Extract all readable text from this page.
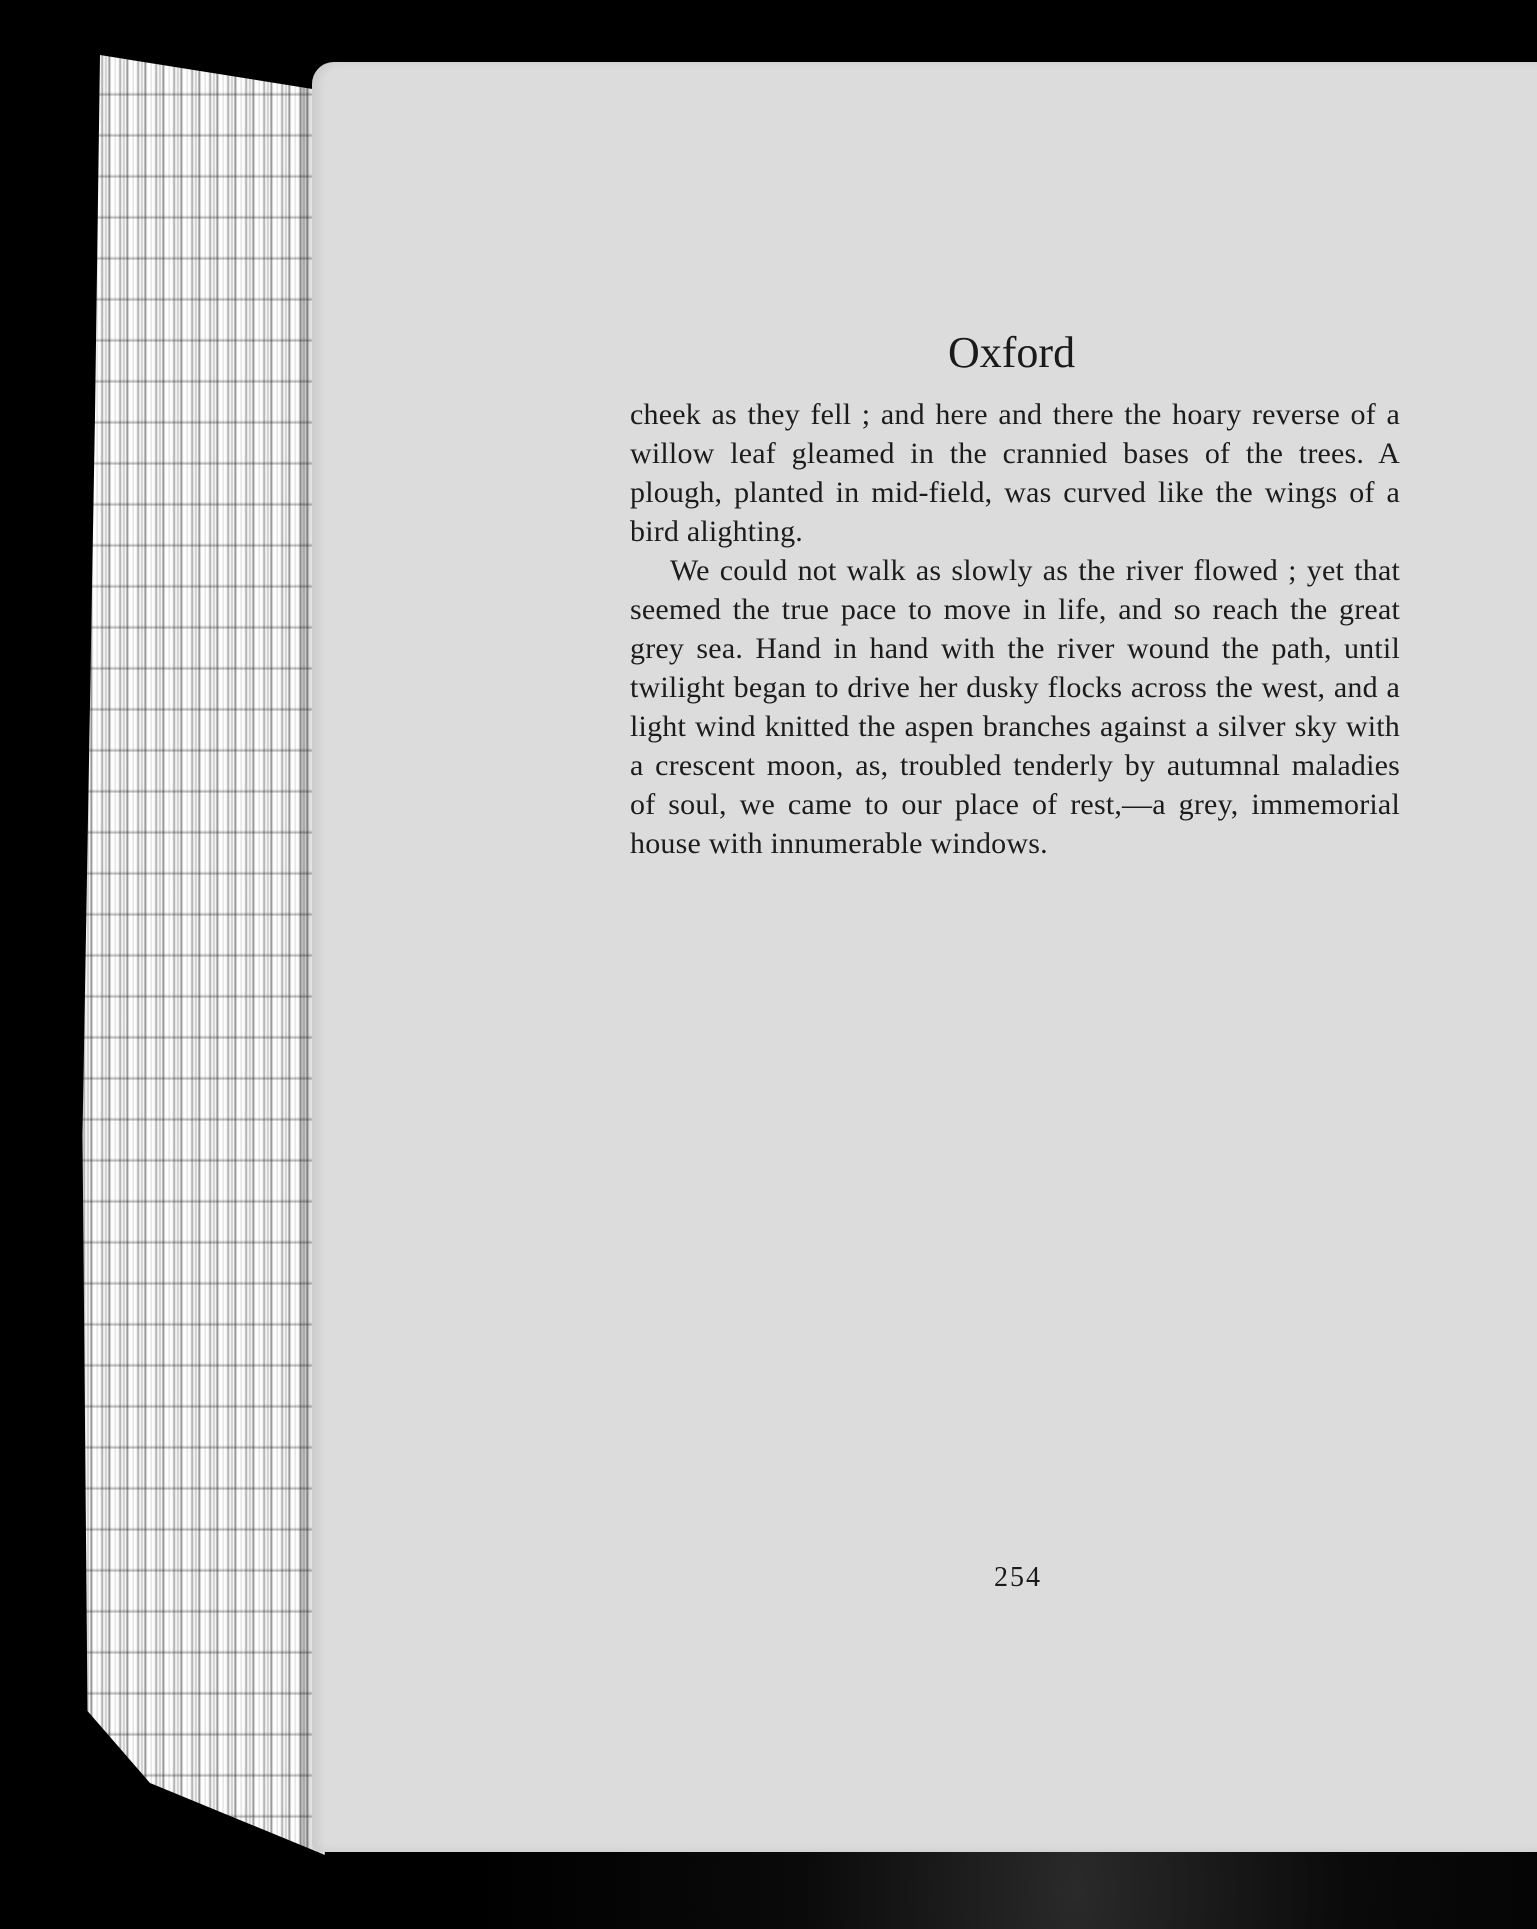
Oxford

cheek as they fell ; and here and there the hoary reverse of a willow leaf gleamed in the crannied bases of the trees. A plough, planted in mid-field, was curved like the wings of a bird alighting.

We could not walk as slowly as the river flowed ; yet that seemed the true pace to move in life, and so reach the great grey sea. Hand in hand with the river wound the path, until twilight began to drive her dusky flocks across the west, and a light wind knitted the aspen branches against a silver sky with a crescent moon, as, troubled tenderly by autumnal maladies of soul, we came to our place of rest,—a grey, immemorial house with innumerable windows.

254
